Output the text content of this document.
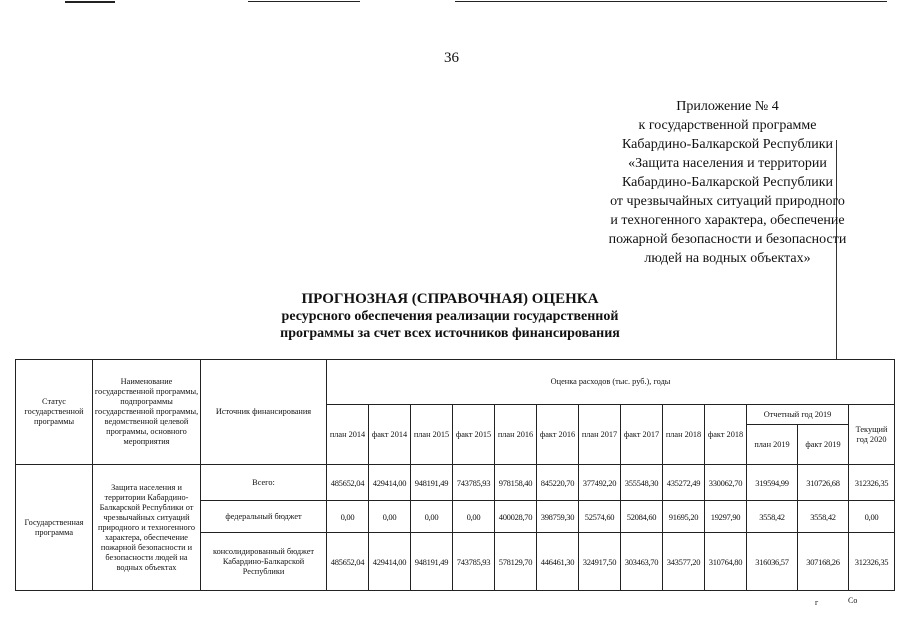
36
Приложение № 4
к государственной программе
Кабардино-Балкарской Республики
«Защита населения и территории
Кабардино-Балкарской Республики
от чрезвычайных ситуаций природного
и техногенного характера, обеспечение
пожарной безопасности и безопасности
людей на водных объектах»
ПРОГНОЗНАЯ (СПРАВОЧНАЯ) ОЦЕНКА
ресурсного обеспечения реализации государственной
программы за счет всех источников финансирования
Статус государственной программы	Наименование государственной программы, подпрограммы государственной программы, ведомственной целевой программы, основного мероприятия	Источник финансирования	Оценка расходов (тыс. руб.), годы												
			план 2014	факт 2014	план 2015	факт 2015	план 2016	факт 2016	план 2017	факт 2017	план 2018	факт 2018	Отчетный год 2019		Текущий год 2020
													план 2019	факт 2019	
Государственная программа	Защита населения и территории Кабардино-Балкарской Республики от чрезвычайных ситуаций природного и техногенного характера, обеспечение пожарной безопасности и безопасности людей на водных объектах	Всего:	485652,04	429414,00	948191,49	743785,93	978158,40	845220,70	377492,20	355548,30	435272,49	330062,70	319594,99	310726,68	312326,35
		федеральный бюджет	0,00	0,00	0,00	0,00	400028,70	398759,30	52574,60	52084,60	91695,20	19297,90	3558,42	3558,42	0,00
		консолидированный бюджет Кабардино-Балкарской Республики	485652,04	429414,00	948191,49	743785,93	578129,70	446461,30	324917,50	303463,70	343577,20	310764,80	316036,57	307168,26	312326,35
г	Со
